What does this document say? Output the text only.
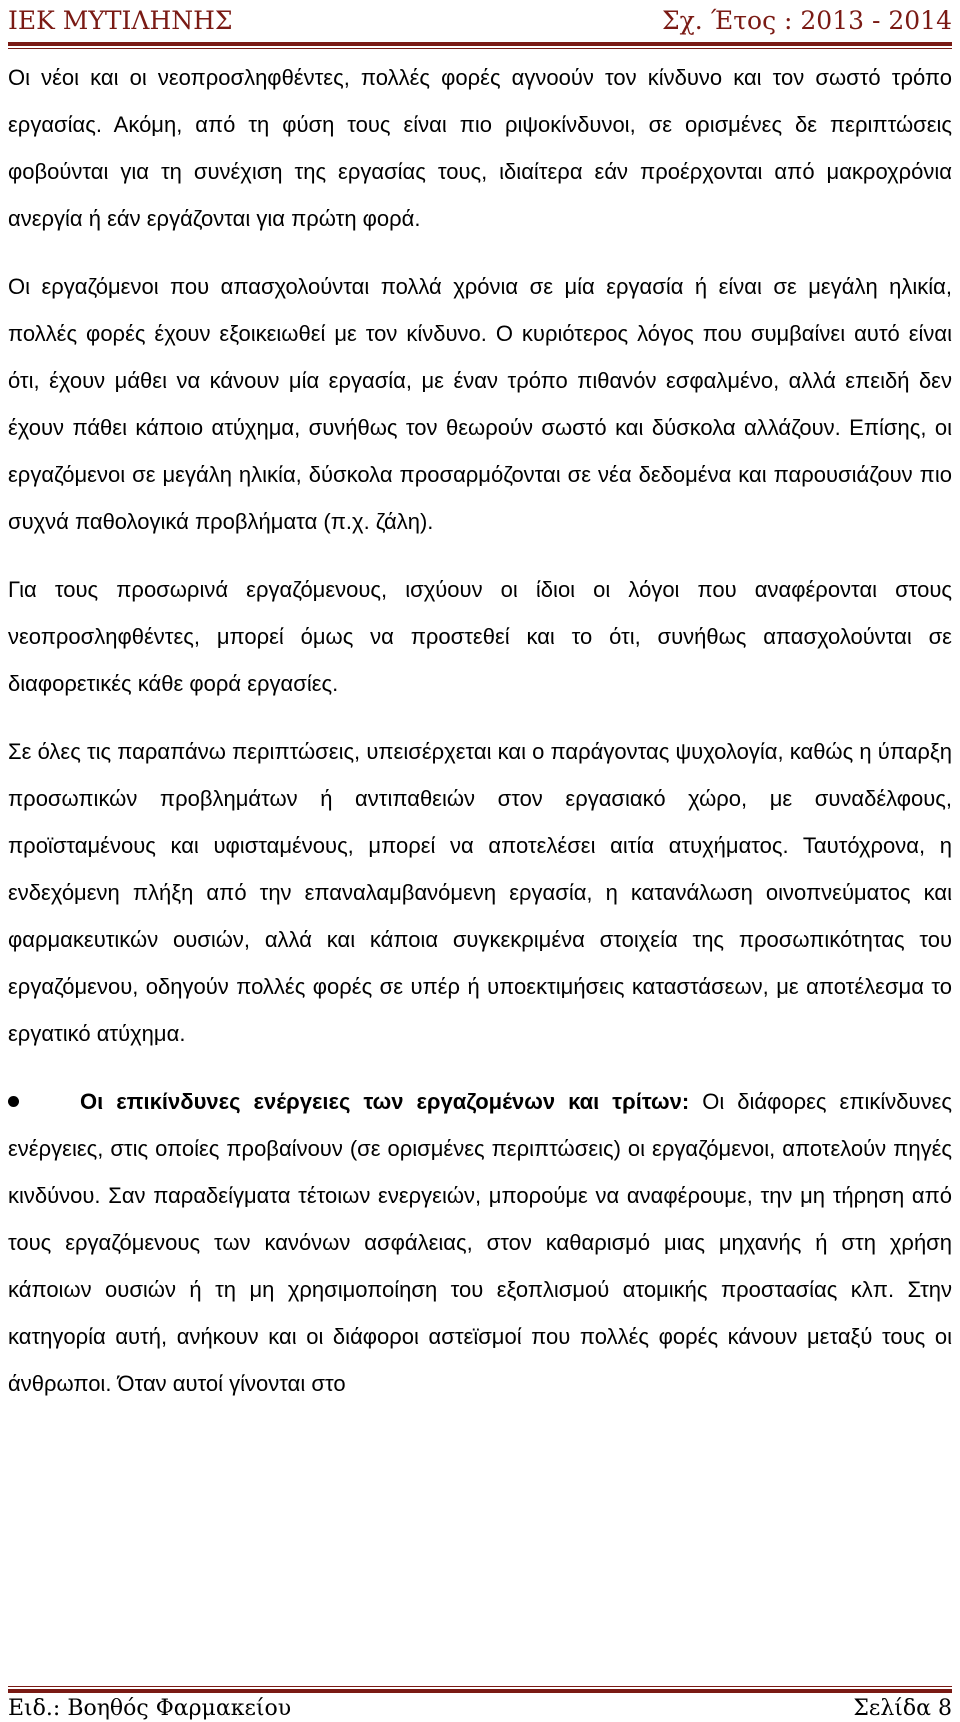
ΙΕΚ ΜΥΤΙΛΗΝΗΣ	Σχ. Έτος : 2013 - 2014

Οι νέοι και οι νεοπροσληφθέντες, πολλές φορές αγνοούν τον κίνδυνο και τον σωστό τρόπο εργασίας. Ακόμη, από τη φύση τους είναι πιο ριψοκίνδυνοι, σε ορισμένες δε περιπτώσεις φοβούνται για τη συνέχιση της εργασίας τους, ιδιαίτερα εάν προέρχονται από μακροχρόνια ανεργία ή εάν εργάζονται για πρώτη φορά.

Οι εργαζόμενοι που απασχολούνται πολλά χρόνια σε μία εργασία ή είναι σε μεγάλη ηλικία, πολλές φορές έχουν εξοικειωθεί με τον κίνδυνο. Ο κυριότερος λόγος που συμβαίνει αυτό είναι ότι, έχουν μάθει να κάνουν μία εργασία, με έναν τρόπο πιθανόν εσφαλμένο, αλλά επειδή δεν έχουν πάθει κάποιο ατύχημα, συνήθως τον θεωρούν σωστό και δύσκολα αλλάζουν. Επίσης, οι εργαζόμενοι σε μεγάλη ηλικία, δύσκολα προσαρμόζονται σε νέα δεδομένα και παρουσιάζουν πιο συχνά παθολογικά προβλήματα (π.χ. ζάλη).

Για τους προσωρινά εργαζόμενους, ισχύουν οι ίδιοι οι λόγοι που αναφέρονται στους νεοπροσληφθέντες, μπορεί όμως να προστεθεί και το ότι, συνήθως απασχολούνται σε διαφορετικές κάθε φορά εργασίες.

Σε όλες τις παραπάνω περιπτώσεις, υπεισέρχεται και ο παράγοντας ψυχολογία, καθώς η ύπαρξη προσωπικών προβλημάτων ή αντιπαθειών στον εργασιακό χώρο, με συναδέλφους, προϊσταμένους και υφισταμένους, μπορεί να αποτελέσει αιτία ατυχήματος. Ταυτόχρονα, η ενδεχόμενη πλήξη από την επαναλαμβανόμενη εργασία, η κατανάλωση οινοπνεύματος και φαρμακευτικών ουσιών, αλλά και κάποια συγκεκριμένα στοιχεία της προσωπικότητας του εργαζόμενου, οδηγούν πολλές φορές σε υπέρ ή υποεκτιμήσεις καταστάσεων, με αποτέλεσμα το εργατικό ατύχημα.

Οι επικίνδυνες ενέργειες των εργαζομένων και τρίτων: Οι διάφορες επικίνδυνες ενέργειες, στις οποίες προβαίνουν (σε ορισμένες περιπτώσεις) οι εργαζόμενοι, αποτελούν πηγές κινδύνου. Σαν παραδείγματα τέτοιων ενεργειών, μπορούμε να αναφέρουμε, την μη τήρηση από τους εργαζόμενους των κανόνων ασφάλειας, στον καθαρισμό μιας μηχανής ή στη χρήση κάποιων ουσιών ή τη μη χρησιμοποίηση του εξοπλισμού ατομικής προστασίας κλπ. Στην κατηγορία αυτή, ανήκουν και οι διάφοροι αστεϊσμοί που πολλές φορές κάνουν μεταξύ τους οι άνθρωποι. Όταν αυτοί γίνονται στο

Ειδ.: Βοηθός Φαρμακείου	Σελίδα 8
